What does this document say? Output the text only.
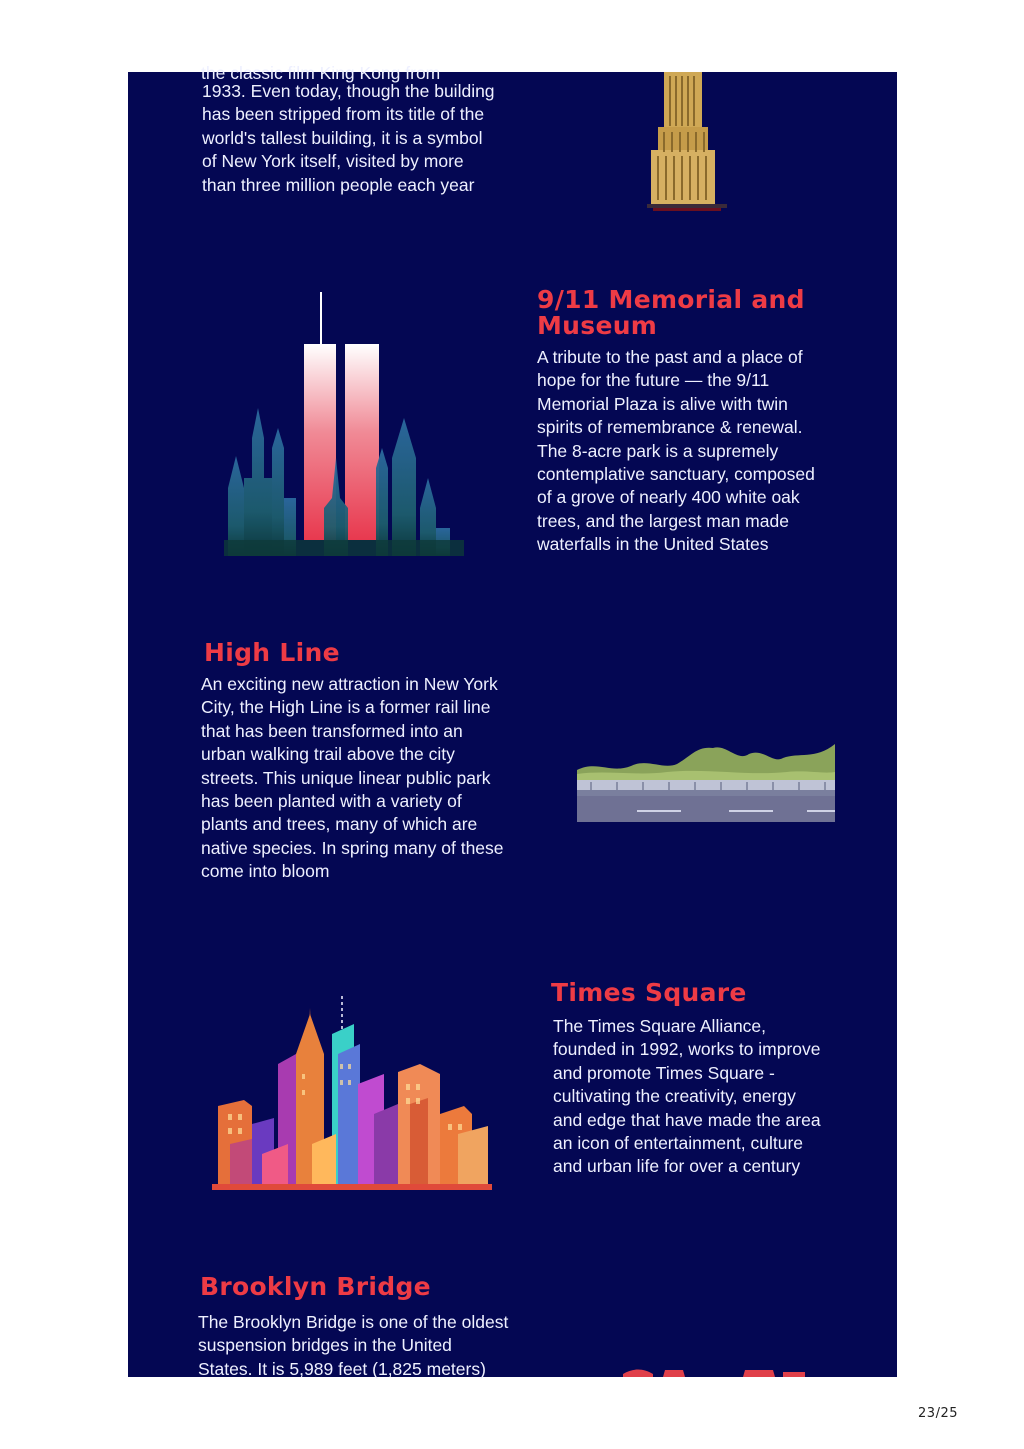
the classic film King Kong from

1933. Even today, though the building
has been stripped from its title of the
world's tallest building, it is a symbol
of New York itself, visited by more
than three million people each year

9/11 Memorial and
Museum

A tribute to the past and a place of
hope for the future — the 9/11
Memorial Plaza is alive with twin
spirits of remembrance & renewal.
The 8-acre park is a supremely
contemplative sanctuary, composed
of a grove of nearly 400 white oak
trees, and the largest man made
waterfalls in the United States

High Line

An exciting new attraction in New York
City, the High Line is a former rail line
that has been transformed into an
urban walking trail above the city
streets. This unique linear public park
has been planted with a variety of
plants and trees, many of which are
native species. In spring many of these
come into bloom

Times Square

The Times Square Alliance,
founded in 1992, works to improve
and promote Times Square -
cultivating the creativity, energy
and edge that have made the area
an icon of entertainment, culture
and urban life for over a century

Brooklyn Bridge

The Brooklyn Bridge is one of the oldest
suspension bridges in the United
States. It is 5,989 feet (1,825 meters)

23/25
